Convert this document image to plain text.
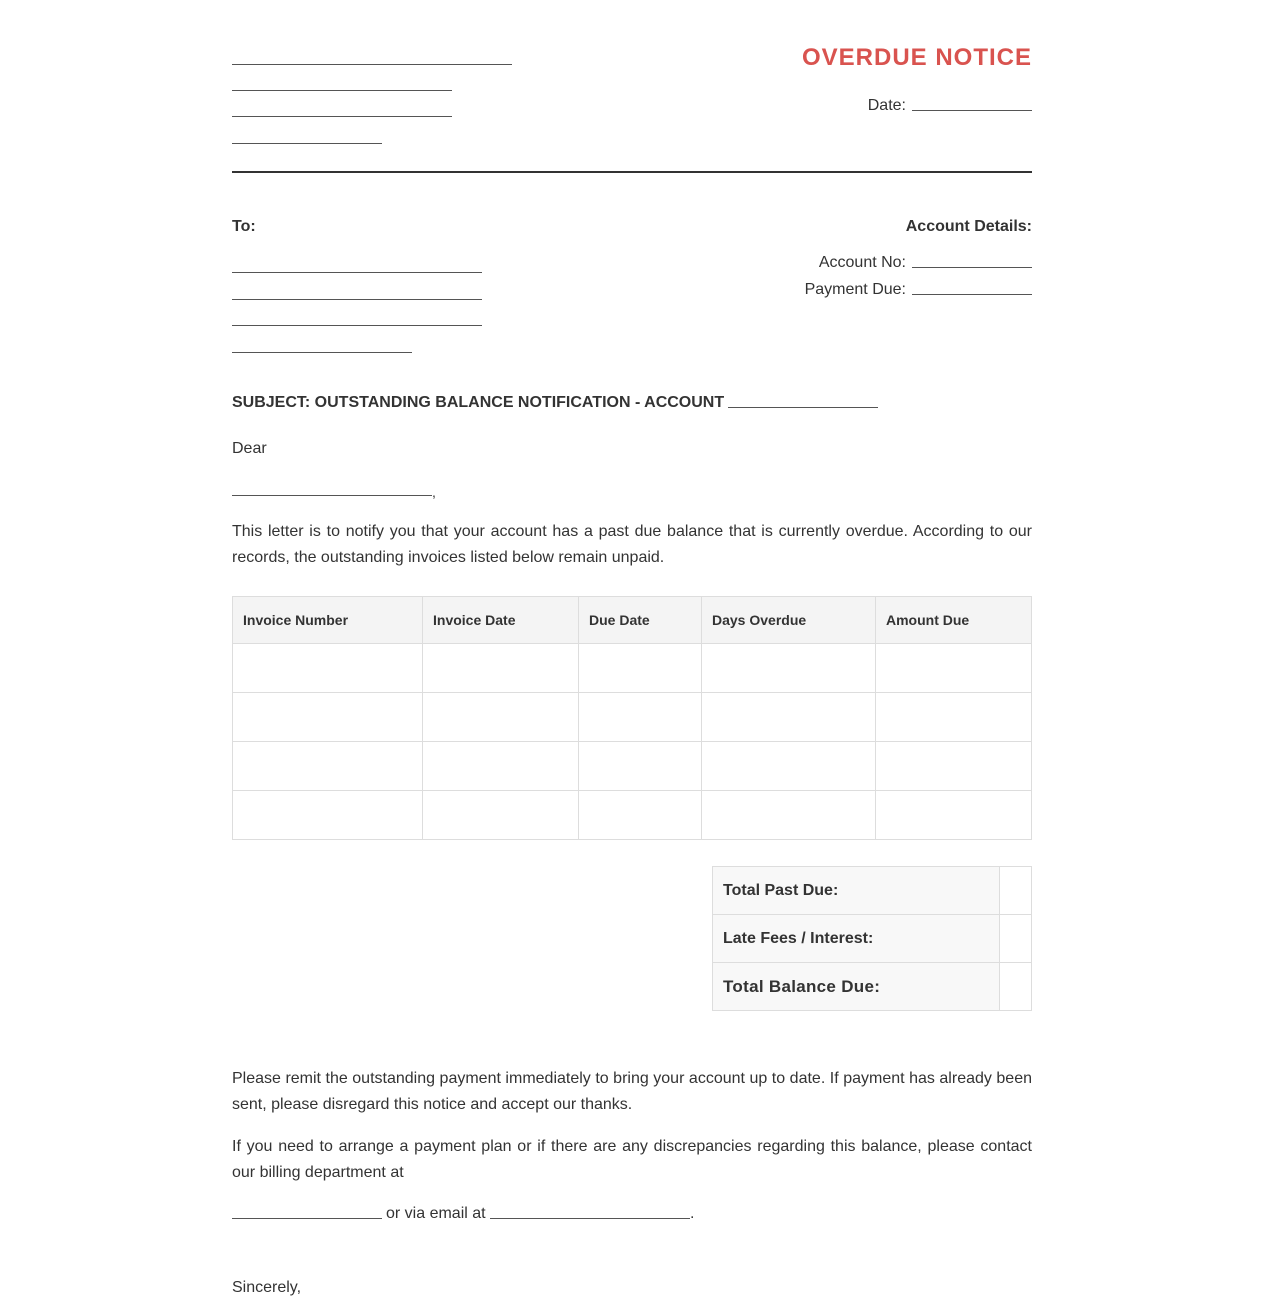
OVERDUE NOTICE
Date:
To:	Account Details:
Account No:
Payment Due:
SUBJECT: OUTSTANDING BALANCE NOTIFICATION - ACCOUNT
Dear
,
This letter is to notify you that your account has a past due balance that is currently overdue. According to our records, the outstanding invoices listed below remain unpaid.
Invoice Number	Invoice Date	Due Date	Days Overdue	Amount Due

Total Past Due:	
Late Fees / Interest:	
Total Balance Due:	
Please remit the outstanding payment immediately to bring your account up to date. If payment has already been sent, please disregard this notice and accept our thanks.
If you need to arrange a payment plan or if there are any discrepancies regarding this balance, please contact our billing department at
or via email at	.
Sincerely,
